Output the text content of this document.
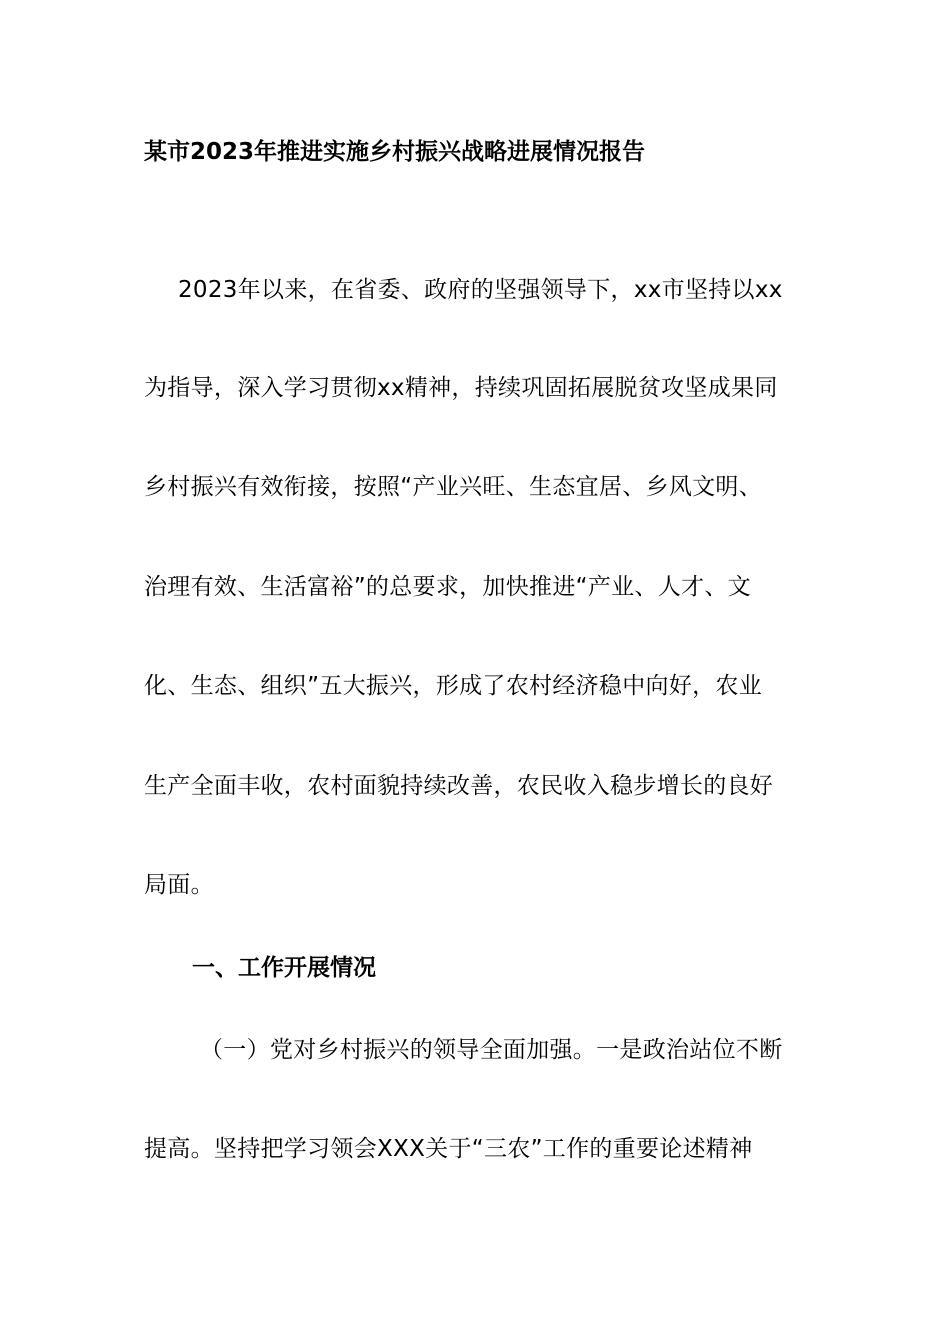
某市2023年推进实施乡村振兴战略进展情况报告

2023年以来，在省委、政府的坚强领导下，xx市坚持以xx

为指导，深入学习贯彻xx精神，持续巩固拓展脱贫攻坚成果同

乡村振兴有效衔接，按照“产业兴旺、生态宜居、乡风文明、

治理有效、生活富裕”的总要求，加快推进“产业、人才、文

化、生态、组织”五大振兴，形成了农村经济稳中向好，农业

生产全面丰收，农村面貌持续改善，农民收入稳步增长的良好

局面。

一、工作开展情况

（一）党对乡村振兴的领导全面加强。一是政治站位不断

提高。坚持把学习领会XXX关于“三农”工作的重要论述精神
